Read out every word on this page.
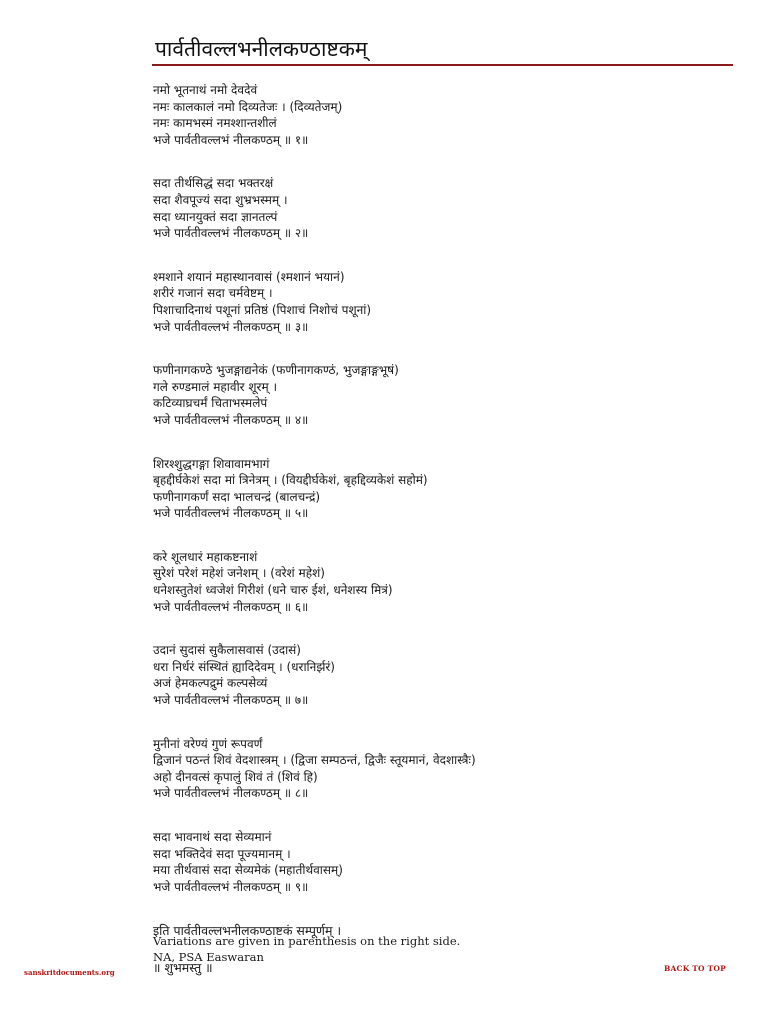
पार्वतीवल्लभनीलकण्ठाष्टकम्
नमो भूतनाथं नमो देवदेवं
नमः कालकालं नमो दिव्यतेजः । (दिव्यतेजम्)
नमः कामभस्मं नमश्शान्तशीलं
भजे पार्वतीवल्लभं नीलकण्ठम् ॥ १॥
सदा तीर्थसिद्धं सदा भक्तरक्षं
सदा शैवपूज्यं सदा शुभ्रभस्मम् ।
सदा ध्यानयुक्तं सदा ज्ञानतल्पं
भजे पार्वतीवल्लभं नीलकण्ठम् ॥ २॥
श्मशाने शयानं महास्थानवासं (श्मशानं भयानं)
शरीरं गजानं सदा चर्मवेष्टम् ।
पिशाचादिनाथं पशूनां प्रतिष्ठं (पिशाचं निशोचं पशूनां)
भजे पार्वतीवल्लभं नीलकण्ठम् ॥ ३॥
फणीनागकण्ठे भुजङ्गाद्यनेकं (फणीनागकण्ठं, भुजङ्गाङ्गभूषं)
गले रुण्डमालं महावीर शूरम् ।
कटिव्याघ्रचर्मं चिताभस्मलेपं
भजे पार्वतीवल्लभं नीलकण्ठम् ॥ ४॥
शिरश्शुद्धगङ्गा शिवावामभागं
बृहद्दीर्घकेशं सदा मां त्रिनेत्रम् । (वियद्दीर्घकेशं, बृहद्दिव्यकेशं सहोमं)
फणीनागकर्णं सदा भालचन्द्रं (बालचन्द्रं)
भजे पार्वतीवल्लभं नीलकण्ठम् ॥ ५॥
करे शूलधारं महाकष्टनाशं
सुरेशं परेशं महेशं जनेशम् । (वरेशं महेशं)
धनेशस्तुतेशं ध्वजेशं गिरीशं (धने चारु ईशं, धनेशस्य मित्रं)
भजे पार्वतीवल्लभं नीलकण्ठम् ॥ ६॥
उदानं सुदासं सुकैलासवासं (उदासं)
धरा निर्धरं संस्थितं ह्यादिदेवम् । (धरानिर्झरं)
अजं हेमकल्पद्रुमं कल्पसेव्यं
भजे पार्वतीवल्लभं नीलकण्ठम् ॥ ७॥
मुनीनां वरेण्यं गुणं रूपवर्णं
द्विजानं पठन्तं शिवं वेदशास्त्रम् । (द्विजा सम्पठन्तं, द्विजैः स्तूयमानं, वेदशास्त्रैः)
अहो दीनवत्सं कृपालुं शिवं तं (शिवं हि)
भजे पार्वतीवल्लभं नीलकण्ठम् ॥ ८॥
सदा भावनाथं सदा सेव्यमानं
सदा भक्तिदेवं सदा पूज्यमानम् ।
मया तीर्थवासं सदा सेव्यमेकं (महातीर्थवासम्)
भजे पार्वतीवल्लभं नीलकण्ठम् ॥ ९॥
इति पार्वतीवल्लभनीलकण्ठाष्टकं सम्पूर्णम् ।
॥ शुभमस्तु ॥
Variations are given in parenthesis on the right side.
NA, PSA Easwaran
sanskritdocuments.org	BACK TO TOP
